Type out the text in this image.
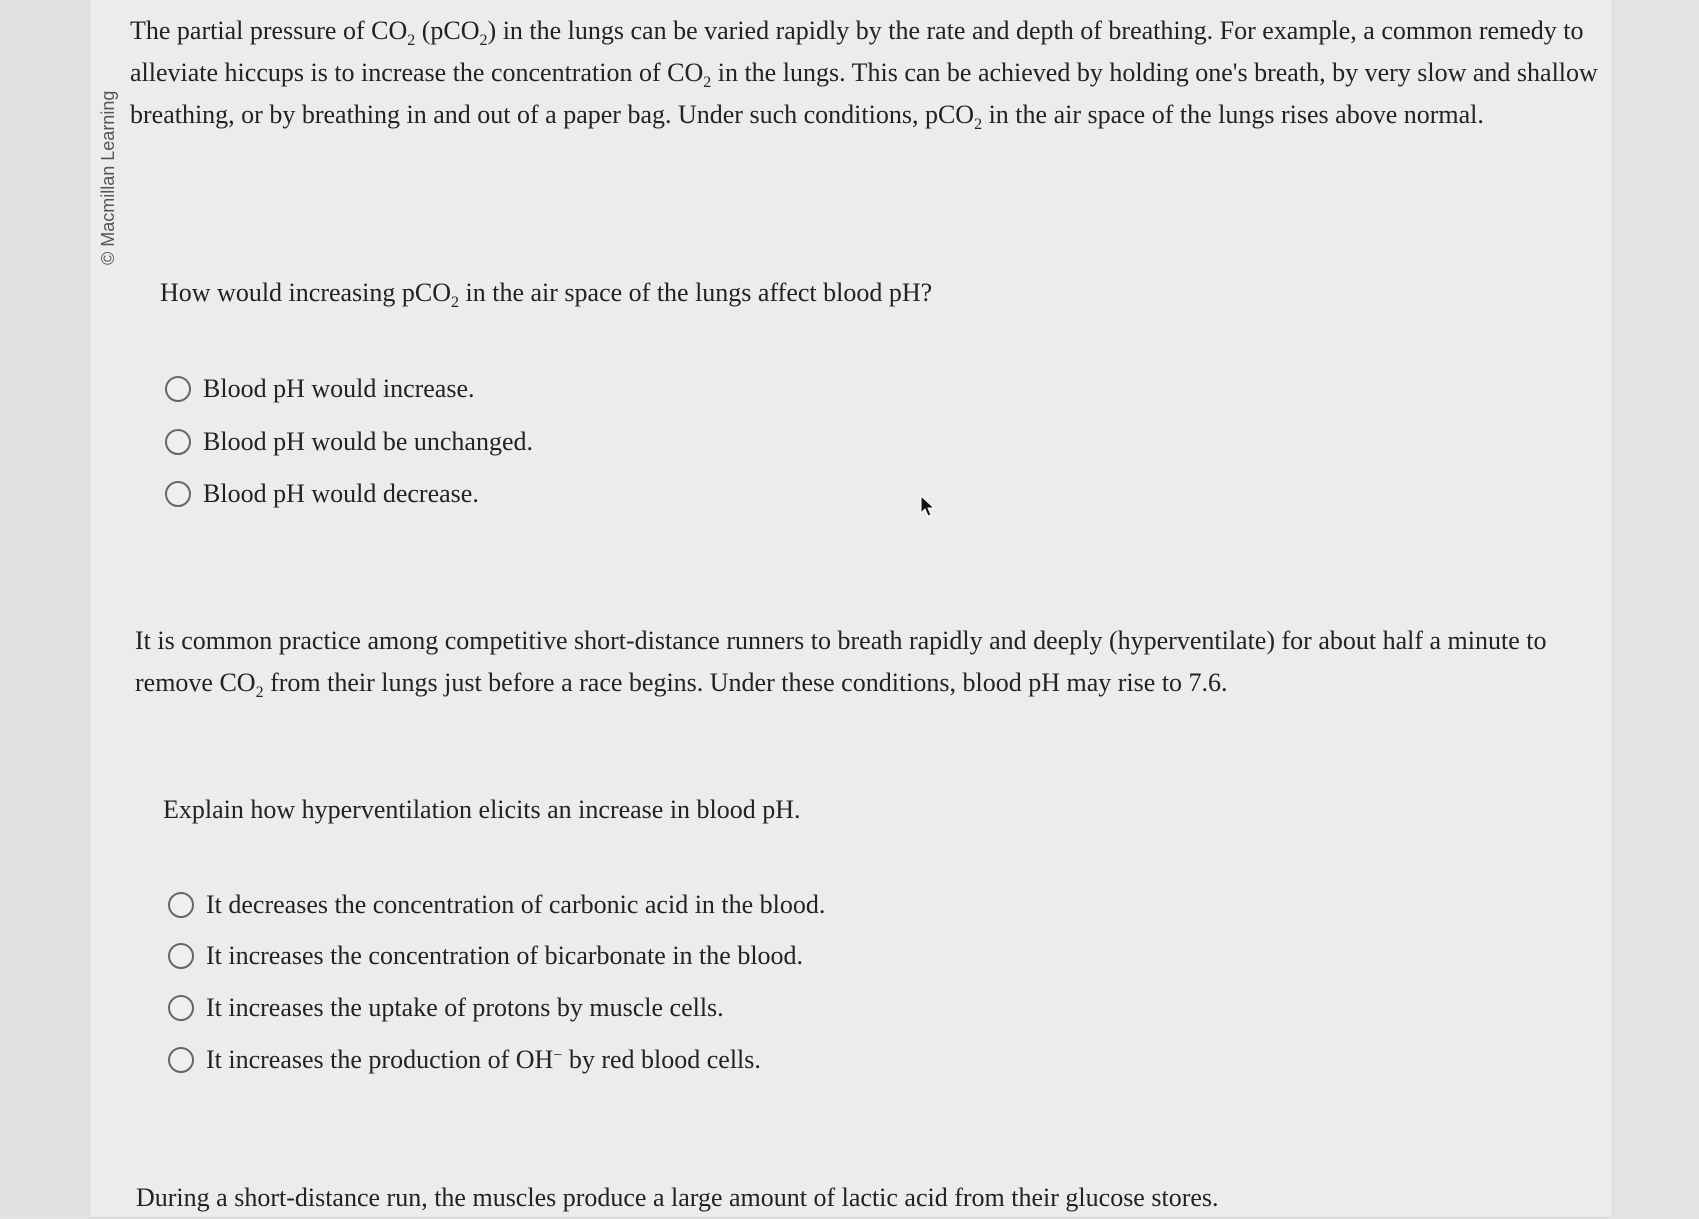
© Macmillan Learning
The partial pressure of $CO_2$ (pCO$_2$) in the lungs can be varied rapidly by the rate and depth of breathing. For example, a common remedy to alleviate hiccups is to increase the concentration of $CO_2$ in the lungs. This can be achieved by holding one's breath, by very slow and shallow breathing, or by breathing in and out of a paper bag. Under such conditions, pCO$_2$ in the air space of the lungs rises above normal.
How would increasing pCO$_2$ in the air space of the lungs affect blood pH?
Blood pH would increase.
Blood pH would be unchanged.
Blood pH would decrease.
It is common practice among competitive short-distance runners to breath rapidly and deeply (hyperventilate) for about half a minute to remove $CO_2$ from their lungs just before a race begins. Under these conditions, blood pH may rise to 7.6.
Explain how hyperventilation elicits an increase in blood pH.
It decreases the concentration of carbonic acid in the blood.
It increases the concentration of bicarbonate in the blood.
It increases the uptake of protons by muscle cells.
It increases the production of OH− by red blood cells.
During a short-distance run, the muscles produce a large amount of lactic acid from their glucose stores.
